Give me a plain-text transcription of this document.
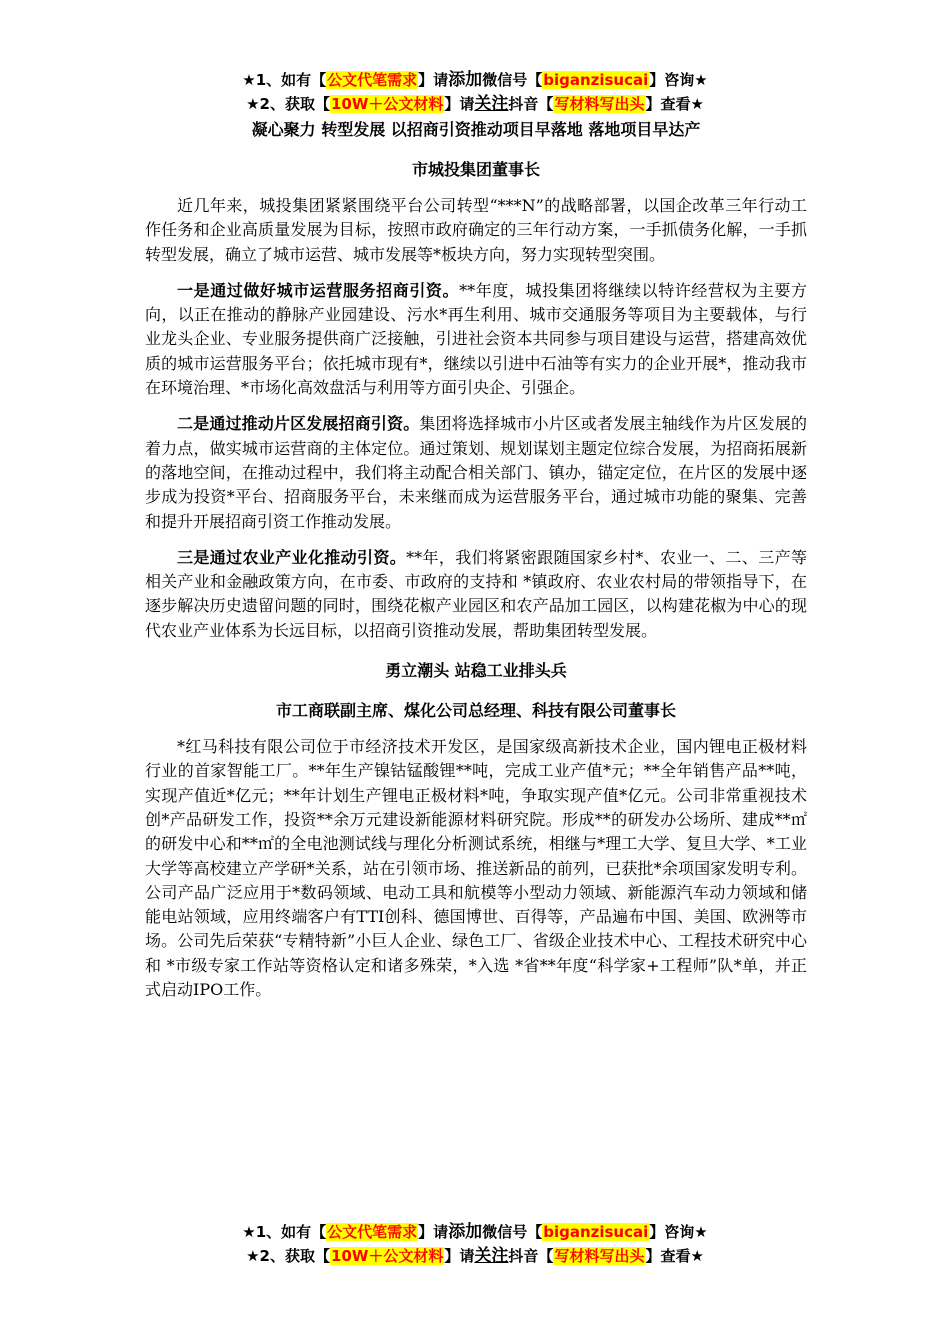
★1、如有【公文代笔需求】请添加微信号【biganzisucai】咨询★
★2、获取【10W＋公文材料】请关注抖音【写材料写出头】查看★
凝心聚力 转型发展 以招商引资推动项目早落地 落地项目早达产
市城投集团董事长

近几年来，城投集团紧紧围绕平台公司转型“***N”的战略部署，以国企改革三年行动工作任务和企业高质量发展为目标，按照市政府确定的三年行动方案，一手抓债务化解，一手抓转型发展，确立了城市运营、城市发展等*板块方向，努力实现转型突围。

一是通过做好城市运营服务招商引资。**年度，城投集团将继续以特许经营权为主要方向，以正在推动的静脉产业园建设、污水*再生利用、城市交通服务等项目为主要载体，与行业龙头企业、专业服务提供商广泛接触，引进社会资本共同参与项目建设与运营，搭建高效优质的城市运营服务平台；依托城市现有*，继续以引进中石油等有实力的企业开展*，推动我市在环境治理、*市场化高效盘活与利用等方面引央企、引强企。

二是通过推动片区发展招商引资。集团将选择城市小片区或者发展主轴线作为片区发展的着力点，做实城市运营商的主体定位。通过策划、规划谋划主题定位综合发展，为招商拓展新的落地空间，在推动过程中，我们将主动配合相关部门、镇办，锚定定位，在片区的发展中逐步成为投资*平台、招商服务平台，未来继而成为运营服务平台，通过城市功能的聚集、完善和提升开展招商引资工作推动发展。

三是通过农业产业化推动引资。**年，我们将紧密跟随国家乡村*、农业一、二、三产等相关产业和金融政策方向，在市委、市政府的支持和 *镇政府、农业农村局的带领指导下，在逐步解决历史遗留问题的同时，围绕花椒产业园区和农产品加工园区，以构建花椒为中心的现代农业产业体系为长远目标，以招商引资推动发展，帮助集团转型发展。

勇立潮头 站稳工业排头兵
市工商联副主席、煤化公司总经理、科技有限公司董事长

*红马科技有限公司位于市经济技术开发区，是国家级高新技术企业，国内锂电正极材料行业的首家智能工厂。**年生产镍钴锰酸锂**吨，完成工业产值*元；**全年销售产品**吨，实现产值近*亿元；**年计划生产锂电正极材料*吨，争取实现产值*亿元。公司非常重视技术创*产品研发工作，投资**余万元建设新能源材料研究院。形成**的研发办公场所、建成**㎡的研发中心和**㎡的全电池测试线与理化分析测试系统，相继与*理工大学、复旦大学、*工业大学等高校建立产学研*关系，站在引领市场、推送新品的前列，已获批*余项国家发明专利。公司产品广泛应用于*数码领域、电动工具和航模等小型动力领域、新能源汽车动力领域和储能电站领域，应用终端客户有TTI创科、德国博世、百得等，产品遍布中国、美国、欧洲等市场。公司先后荣获“专精特新”小巨人企业、绿色工厂、省级企业技术中心、工程技术研究中心和 *市级专家工作站等资格认定和诸多殊荣，*入选 *省**年度“科学家+工程师”队*单，并正式启动IPO工作。

★1、如有【公文代笔需求】请添加微信号【biganzisucai】咨询★
★2、获取【10W＋公文材料】请关注抖音【写材料写出头】查看★
